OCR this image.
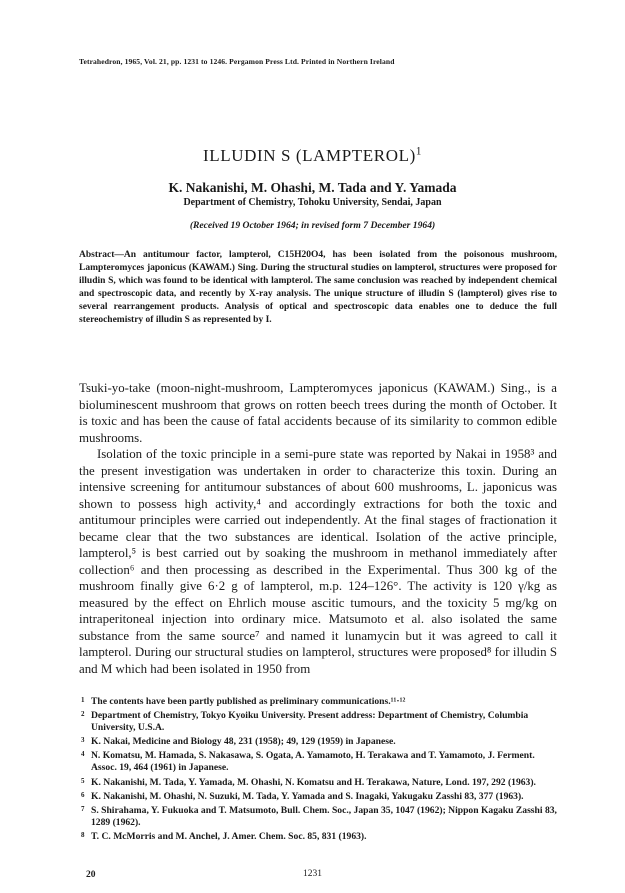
Tetrahedron, 1965, Vol. 21, pp. 1231 to 1246. Pergamon Press Ltd. Printed in Northern Ireland
ILLUDIN S (LAMPTEROL)$^1$
K. Nakanishi, M. Ohashi, M. Tada and Y. Yamada
Department of Chemistry, Tohoku University, Sendai, Japan
(Received 19 October 1964; in revised form 7 December 1964)
Abstract—An antitumour factor, lampterol, C15H20O4, has been isolated from the poisonous mushroom, Lampteromyces japonicus (KAWAM.) Sing. During the structural studies on lampterol, structures were proposed for illudin S, which was found to be identical with lampterol. The same conclusion was reached by independent chemical and spectroscopic data, and recently by X-ray analysis. The unique structure of illudin S (lampterol) gives rise to several rearrangement products. Analysis of optical and spectroscopic data enables one to deduce the full stereochemistry of illudin S as represented by I.

Tsuki-yo-take (moon-night-mushroom, Lampteromyces japonicus (KAWAM.) Sing., is a bioluminescent mushroom that grows on rotten beech trees during the month of October. It is toxic and has been the cause of fatal accidents because of its similarity to common edible mushrooms.

Isolation of the toxic principle in a semi-pure state was reported by Nakai in 1958³ and the present investigation was undertaken in order to characterize this toxin. During an intensive screening for antitumour substances of about 600 mushrooms, L. japonicus was shown to possess high activity,⁴ and accordingly extractions for both the toxic and antitumour principles were carried out independently. At the final stages of fractionation it became clear that the two substances are identical. Isolation of the active principle, lampterol,⁵ is best carried out by soaking the mushroom in methanol immediately after collection⁶ and then processing as described in the Experimental. Thus 300 kg of the mushroom finally give 6·2 g of lampterol, m.p. 124–126°. The activity is 120 γ/kg as measured by the effect on Ehrlich mouse ascitic tumours, and the toxicity 5 mg/kg on intraperitoneal injection into ordinary mice. Matsumoto et al. also isolated the same substance from the same source⁷ and named it lunamycin but it was agreed to call it lampterol. During our structural studies on lampterol, structures were proposed⁸ for illudin S and M which had been isolated in 1950 from

1 The contents have been partly published as preliminary communications.¹¹·¹²
2 Department of Chemistry, Tokyo Kyoiku University. Present address: Department of Chemistry, Columbia University, U.S.A.
3 K. Nakai, Medicine and Biology 48, 231 (1958); 49, 129 (1959) in Japanese.
4 N. Komatsu, M. Hamada, S. Nakasawa, S. Ogata, A. Yamamoto, H. Terakawa and T. Yamamoto, J. Ferment. Assoc. 19, 464 (1961) in Japanese.
5 K. Nakanishi, M. Tada, Y. Yamada, M. Ohashi, N. Komatsu and H. Terakawa, Nature, Lond. 197, 292 (1963).
6 K. Nakanishi, M. Ohashi, N. Suzuki, M. Tada, Y. Yamada and S. Inagaki, Yakugaku Zasshi 83, 377 (1963).
7 S. Shirahama, Y. Fukuoka and T. Matsumoto, Bull. Chem. Soc., Japan 35, 1047 (1962); Nippon Kagaku Zasshi 83, 1289 (1962).
8 T. C. McMorris and M. Anchel, J. Amer. Chem. Soc. 85, 831 (1963).
20	1231
